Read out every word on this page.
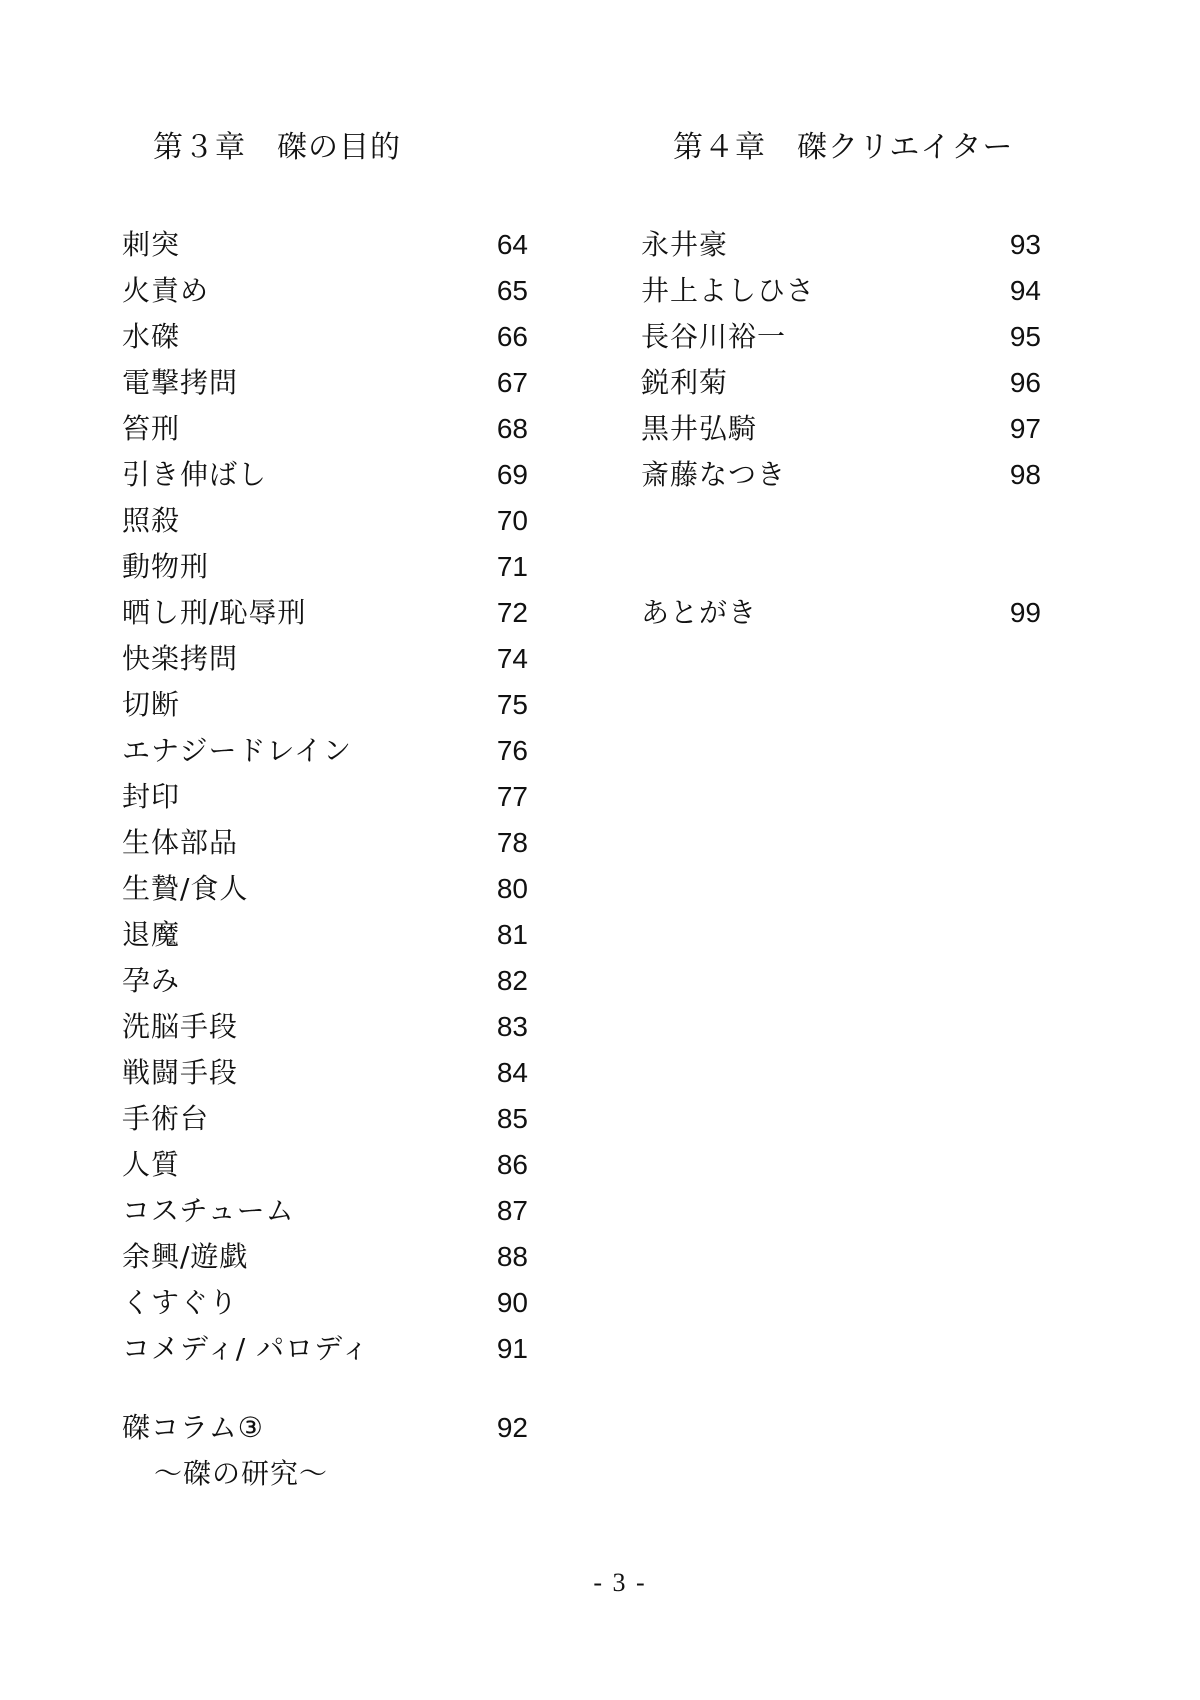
第３章　磔の目的
刺突	64
火責め	65
水磔	66
電撃拷問	67
笞刑	68
引き伸ばし	69
照殺	70
動物刑	71
晒し刑/恥辱刑	72
快楽拷問	74
切断	75
エナジードレイン	76
封印	77
生体部品	78
生贄/食人	80
退魔	81
孕み	82
洗脳手段	83
戦闘手段	84
手術台	85
人質	86
コスチューム	87
余興/遊戯	88
くすぐり	90
コメディ/ パロディ	91
磔コラム③	92
～磔の研究～
第４章　磔クリエイター
永井豪	93
井上よしひさ	94
長谷川裕一	95
鋭利菊	96
黒井弘騎	97
斎藤なつき	98
あとがき	99
- 3 -
